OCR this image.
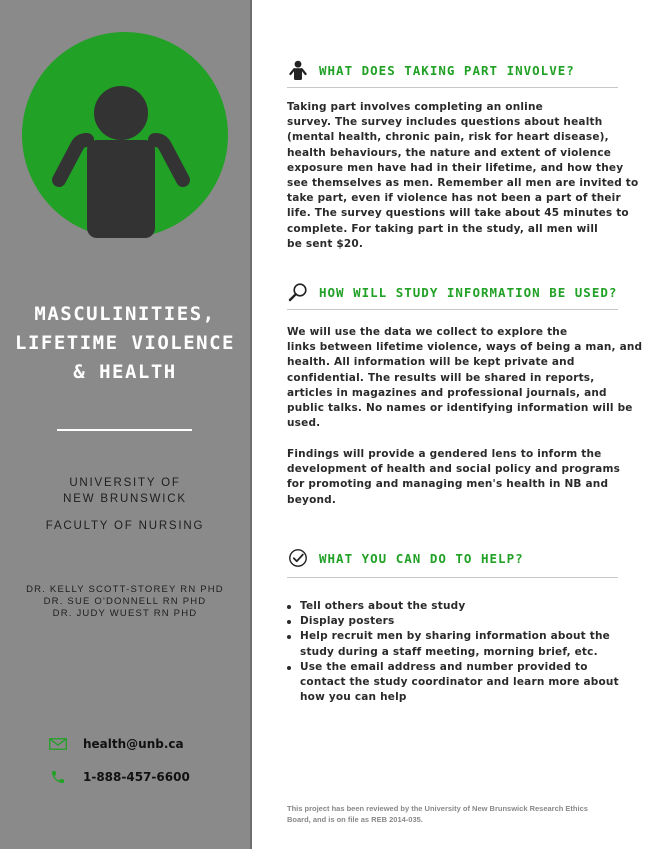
MASCULINITIES,
LIFETIME VIOLENCE
& HEALTH
UNIVERSITY OF
NEW BRUNSWICK
FACULTY OF NURSING
DR. KELLY SCOTT-STOREY RN PHD
DR. SUE O'DONNELL RN PHD
DR. JUDY WUEST RN PHD
health@unb.ca
1-888-457-6600
WHAT DOES TAKING PART INVOLVE?
Taking part involves completing an online
survey. The survey includes questions about health
(mental health, chronic pain, risk for heart disease),
health behaviours, the nature and extent of violence
exposure men have had in their lifetime, and how they
see themselves as men. Remember all men are invited to
take part, even if violence has not been a part of their
life. The survey questions will take about 45 minutes to
complete. For taking part in the study, all men will
be sent $20.
HOW WILL STUDY INFORMATION BE USED?
We will use the data we collect to explore the
links between lifetime violence, ways of being a man, and
health. All information will be kept private and
confidential. The results will be shared in reports,
articles in magazines and professional journals, and
public talks. No names or identifying information will be
used.
Findings will provide a gendered lens to inform the
development of health and social policy and programs
for promoting and managing men's health in NB and
beyond.
WHAT YOU CAN DO TO HELP?
Tell others about the study
Display posters
Help recruit men by sharing information about the
study during a staff meeting, morning brief, etc.
Use the email address and number provided to
contact the study coordinator and learn more about
how you can help
This project has been reviewed by the University of New Brunswick Research Ethics
Board, and is on file as REB 2014-035.
